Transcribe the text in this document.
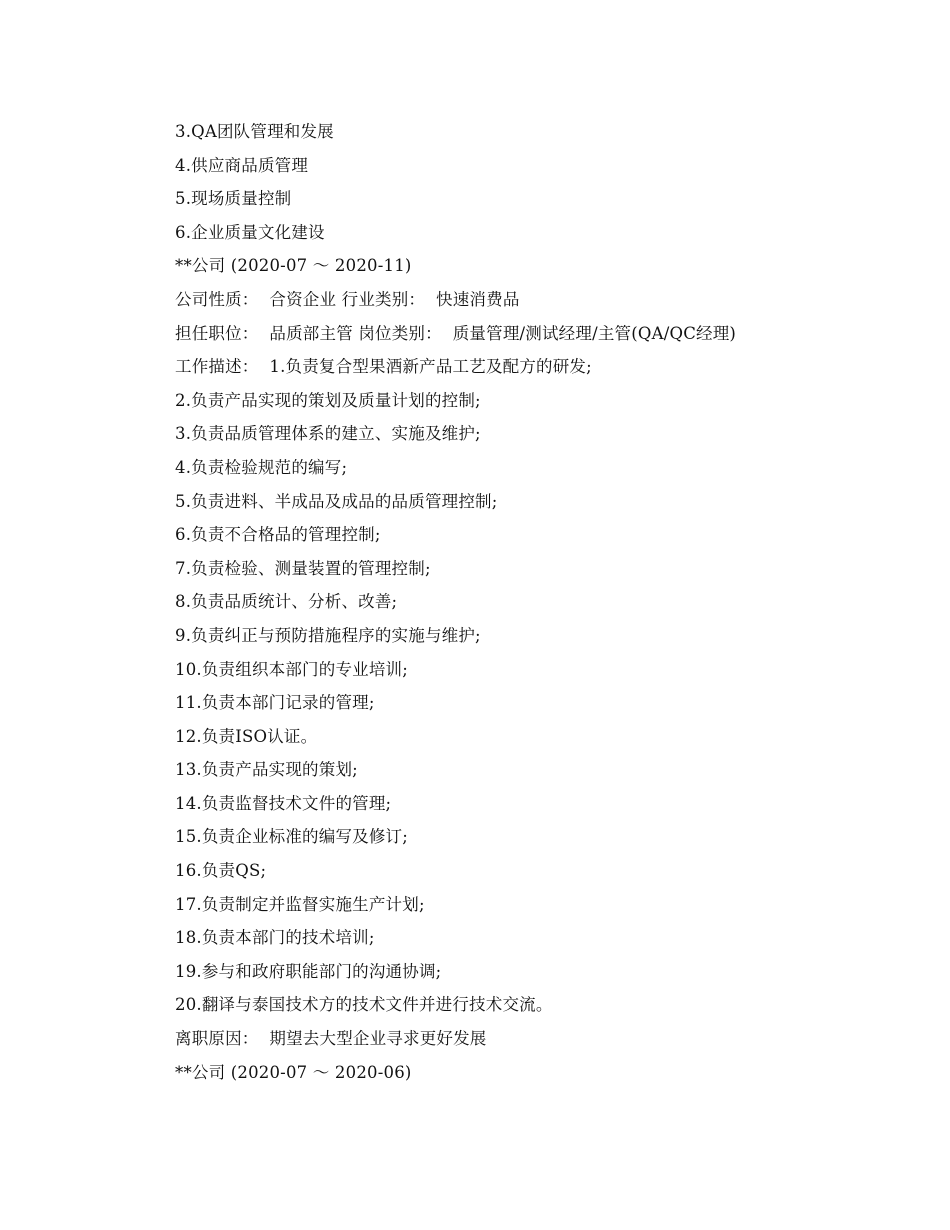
3.QA团队管理和发展
4.供应商品质管理
5.现场质量控制
6.企业质量文化建设
**公司 (2020-07 ～ 2020-11)
公司性质：  合资企业 行业类别：  快速消费品
担任职位：  品质部主管 岗位类别：  质量管理/测试经理/主管(QA/QC经理)
工作描述：  1.负责复合型果酒新产品工艺及配方的研发;
2.负责产品实现的策划及质量计划的控制;
3.负责品质管理体系的建立、实施及维护;
4.负责检验规范的编写;
5.负责进料、半成品及成品的品质管理控制;
6.负责不合格品的管理控制;
7.负责检验、测量装置的管理控制;
8.负责品质统计、分析、改善;
9.负责纠正与预防措施程序的实施与维护;
10.负责组织本部门的专业培训;
11.负责本部门记录的管理;
12.负责ISO认证。
13.负责产品实现的策划;
14.负责监督技术文件的管理;
15.负责企业标准的编写及修订;
16.负责QS;
17.负责制定并监督实施生产计划;
18.负责本部门的技术培训;
19.参与和政府职能部门的沟通协调;
20.翻译与泰国技术方的技术文件并进行技术交流。
离职原因：  期望去大型企业寻求更好发展
**公司 (2020-07 ～ 2020-06)
